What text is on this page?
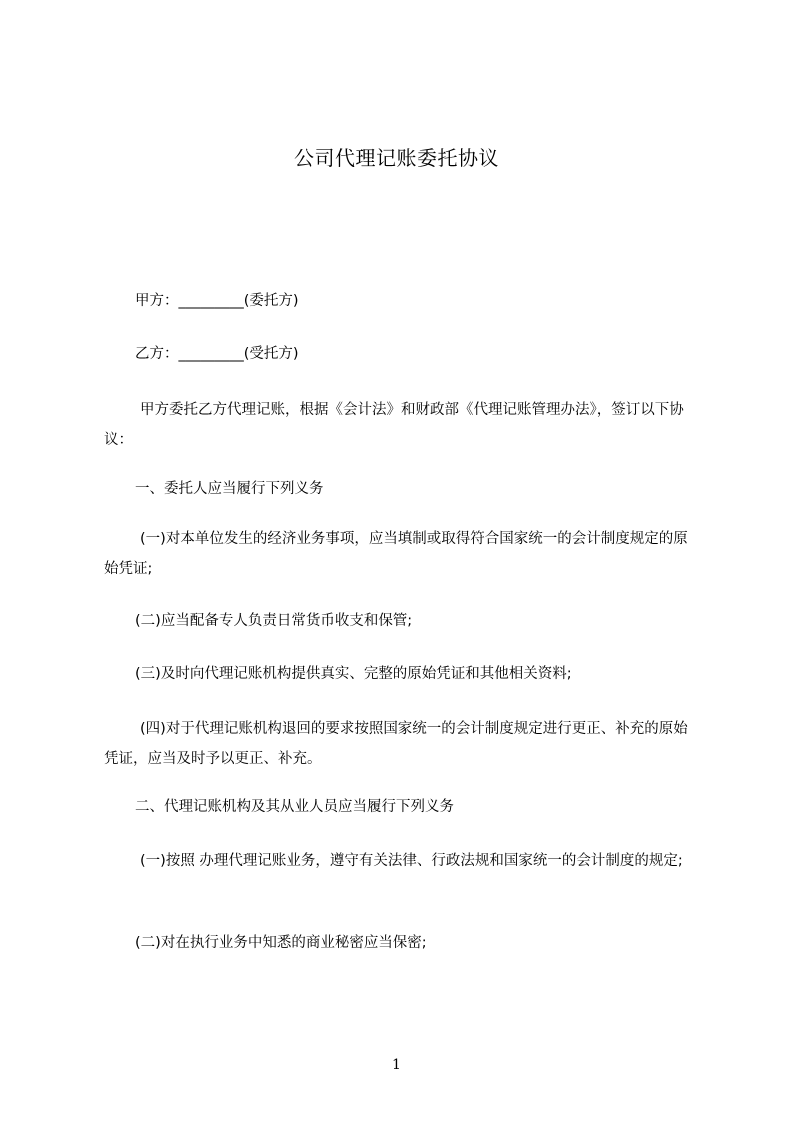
公司代理记账委托协议
甲方：_________(委托方)
乙方：_________(受托方)
甲方委托乙方代理记账，根据《会计法》和财政部《代理记账管理办法》，签订以下协议：
一、委托人应当履行下列义务
(一)对本单位发生的经济业务事项，应当填制或取得符合国家统一的会计制度规定的原始凭证;
(二)应当配备专人负责日常货币收支和保管;
(三)及时向代理记账机构提供真实、完整的原始凭证和其他相关资料;
(四)对于代理记账机构退回的要求按照国家统一的会计制度规定进行更正、补充的原始凭证，应当及时予以更正、补充。
二、代理记账机构及其从业人员应当履行下列义务
(一)按照 办理代理记账业务，遵守有关法律、行政法规和国家统一的会计制度的规定;
(二)对在执行业务中知悉的商业秘密应当保密;
1
